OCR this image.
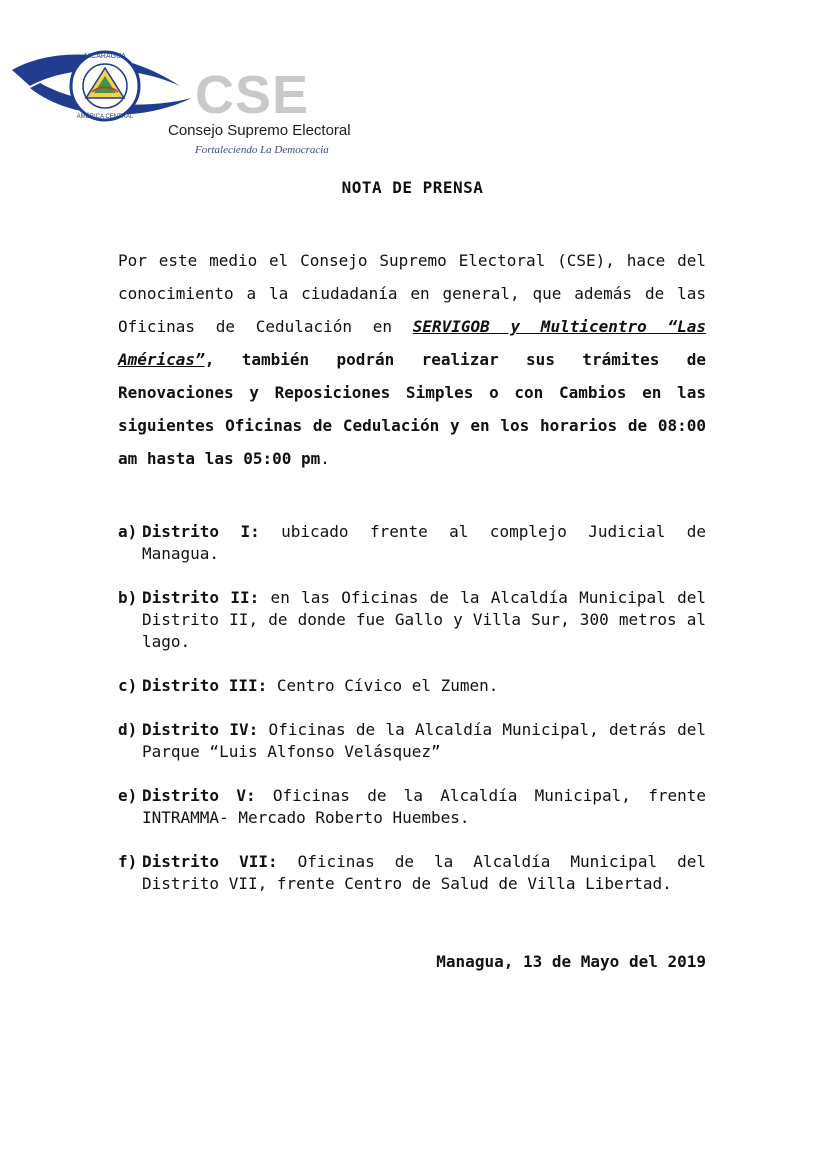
NICARAGUA
AMÉRICA CENTRAL CSE
Consejo Supremo Electoral
Fortaleciendo La Democracia
NOTA DE PRENSA
Por este medio el Consejo Supremo Electoral (CSE), hace del conocimiento a la ciudadanía en general, que además de las Oficinas de Cedulación en SERVIGOB y Multicentro “Las Américas”, también podrán realizar sus trámites de Renovaciones y Reposiciones Simples o con Cambios en las siguientes Oficinas de Cedulación y en los horarios de 08:00 am hasta las 05:00 pm.
a) Distrito I: ubicado frente al complejo Judicial de Managua.
b) Distrito II: en las Oficinas de la Alcaldía Municipal del Distrito II, de donde fue Gallo y Villa Sur, 300 metros al lago.
c) Distrito III: Centro Cívico el Zumen.
d) Distrito IV: Oficinas de la Alcaldía Municipal, detrás del Parque “Luis Alfonso Velásquez”
e) Distrito V: Oficinas de la Alcaldía Municipal, frente INTRAMMA- Mercado Roberto Huembes.
f) Distrito VII: Oficinas de la Alcaldía Municipal del Distrito VII, frente Centro de Salud de Villa Libertad.
Managua, 13 de Mayo del 2019
